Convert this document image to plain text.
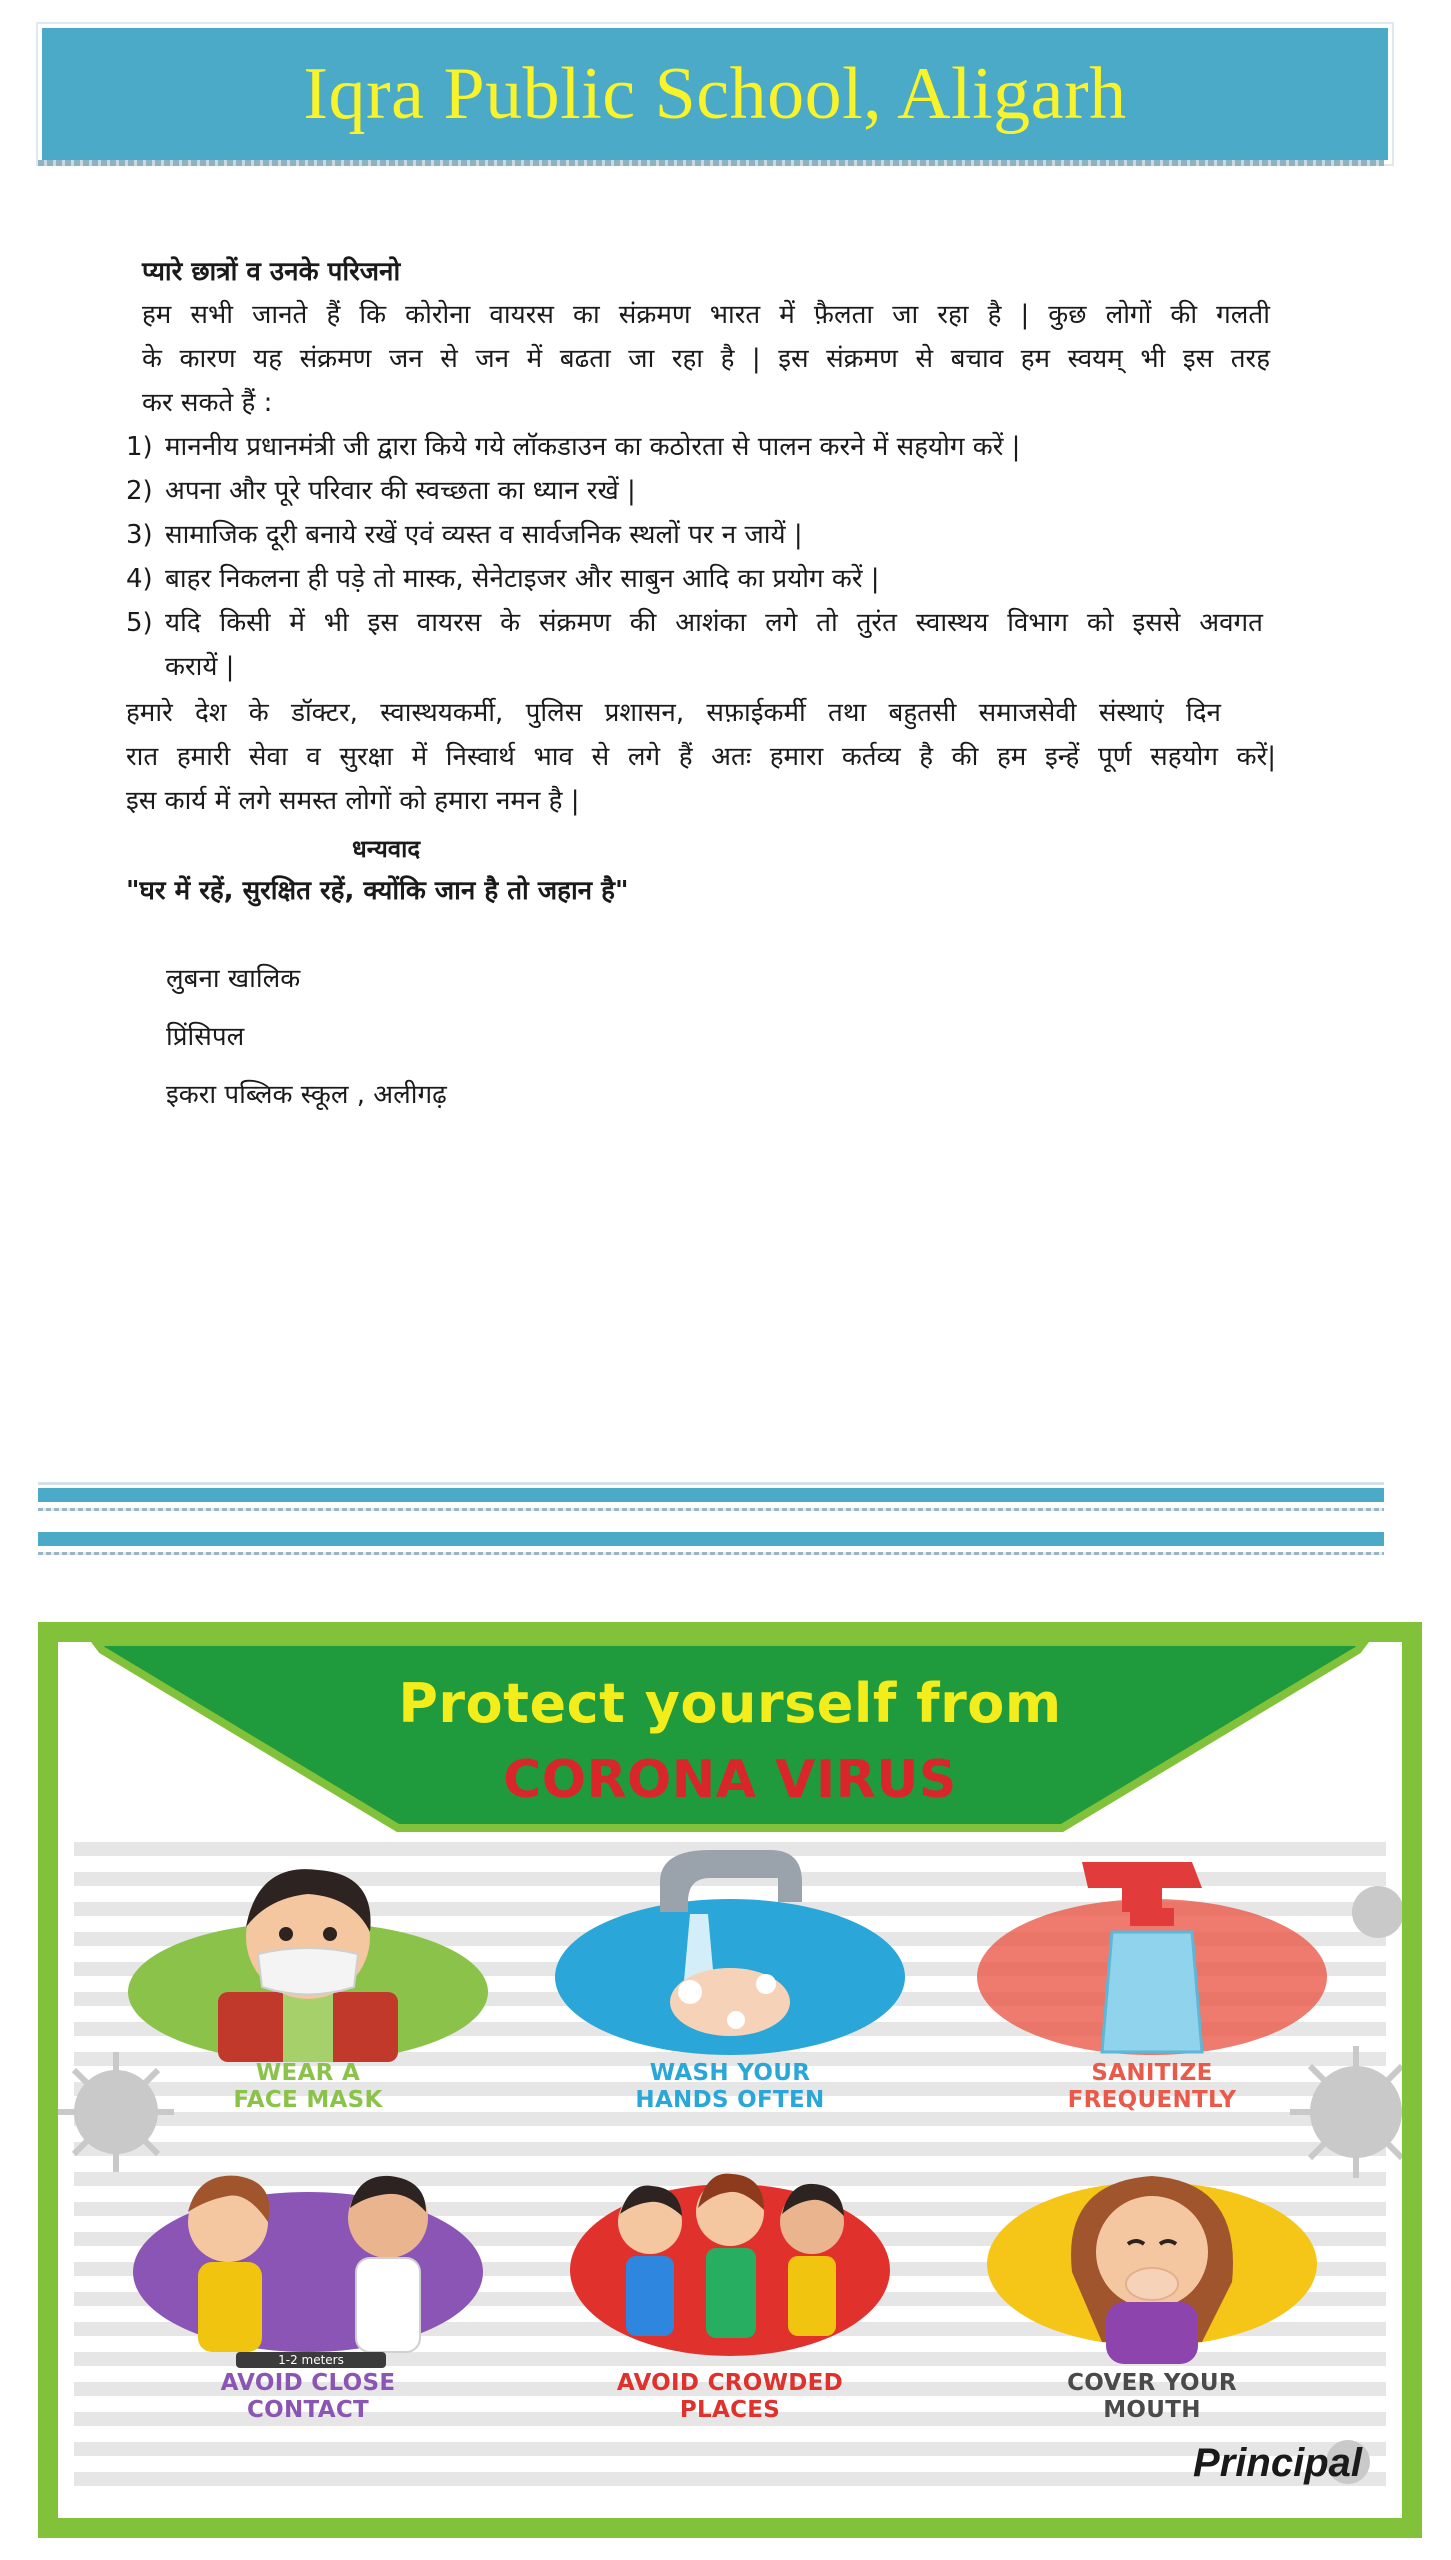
Iqra Public School, Aligarh
प्यारे छात्रों व उनके परिजनो
हम सभी जानते हैं कि कोरोना वायरस का संक्रमण भारत में फ़ैलता जा रहा है | कुछ लोगों की गलती
के कारण यह संक्रमण जन से जन में बढता जा रहा है | इस संक्रमण से बचाव हम स्वयम् भी इस तरह
कर सकते हैं :
1) माननीय प्रधानमंत्री जी द्वारा किये गये लॉकडाउन का कठोरता से पालन करने में सहयोग करें |
2) अपना और पूरे परिवार की स्वच्छता का ध्यान रखें |
3) सामाजिक दूरी बनाये रखें एवं व्यस्त व सार्वजनिक स्थलों पर न जायें |
4) बाहर निकलना ही पड़े तो मास्क, सेनेटाइजर और साबुन आदि का प्रयोग करें |
5) यदि किसी में भी इस वायरस के संक्रमण की आशंका लगे तो तुरंत स्वास्थय विभाग को इससे अवगत
करायें |
हमारे देश के डॉक्टर, स्वास्थयकर्मी, पुलिस प्रशासन, सफ़ाईकर्मी तथा बहुतसी समाजसेवी संस्थाएं दिन
रात हमारी सेवा व सुरक्षा में निस्वार्थ भाव से लगे हैं अतः हमारा कर्तव्य है की हम इन्हें पूर्ण सहयोग करें|
इस कार्य में लगे समस्त लोगों को हमारा नमन है |
धन्यवाद
"घर में रहें, सुरक्षित रहें, क्योंकि जान है तो जहान है"
लुबना खालिक
प्रिंसिपल
इकरा पब्लिक स्कूल , अलीगढ़
Protect yourself from
CORONA VIRUS
WEAR A
FACE MASK
WASH YOUR
HANDS OFTEN
SANITIZE
FREQUENTLY
1-2 meters
AVOID CLOSE
CONTACT
AVOID CROWDED
PLACES
COVER YOUR
MOUTH
Principal
